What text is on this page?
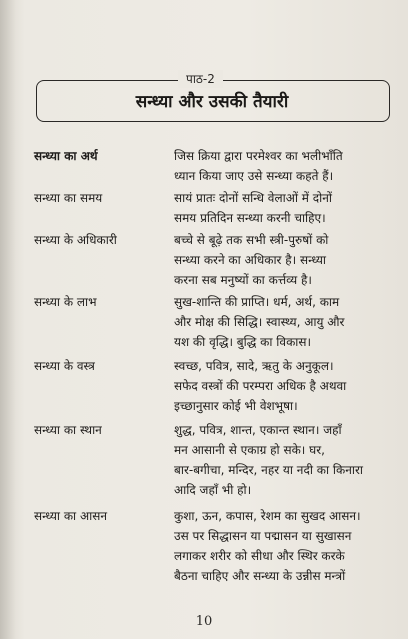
पाठ-2
सन्ध्या और उसकी तैयारी
सन्ध्या का अर्थ	जिस क्रिया द्वारा परमेश्वर का भलीभाँति
ध्यान किया जाए उसे सन्ध्या कहते हैं।
सन्ध्या का समय	सायं प्रातः दोनों सन्धि वेलाओं में दोनों
समय प्रतिदिन सन्ध्या करनी चाहिए।
सन्ध्या के अधिकारी	बच्चे से बूढ़े तक सभी स्त्री-पुरुषों को
सन्ध्या करने का अधिकार है। सन्ध्या
करना सब मनुष्यों का कर्त्तव्य है।
सन्ध्या के लाभ	सुख-शान्ति की प्राप्ति। धर्म, अर्थ, काम
और मोक्ष की सिद्धि। स्वास्थ्य, आयु और
यश की वृद्धि। बुद्धि का विकास।
सन्ध्या के वस्त्र	स्वच्छ, पवित्र, सादे, ऋतु के अनुकूल।
सफेद वस्त्रों की परम्परा अधिक है अथवा
इच्छानुसार कोई भी वेशभूषा।
सन्ध्या का स्थान	शुद्ध, पवित्र, शान्त, एकान्त स्थान। जहाँ
मन आसानी से एकाग्र हो सके। घर,
बार-बगीचा, मन्दिर, नहर या नदी का किनारा
आदि जहाँ भी हो।
सन्ध्या का आसन	कुशा, ऊन, कपास, रेशम का सुखद आसन।
उस पर सिद्धासन या पद्मासन या सुखासन
लगाकर शरीर को सीधा और स्थिर करके
बैठना चाहिए और सन्ध्या के उन्नीस मन्त्रों
10
